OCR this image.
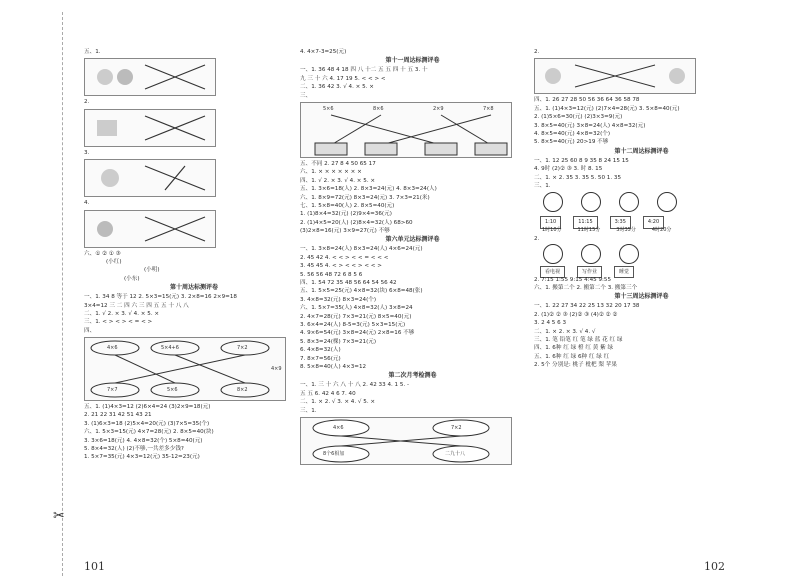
✂
五、1.
2.
3.
4.
六、① ② ① ③
(小红)
(小明)
(小东)
第十周达标测评卷
一、1. 34 8 等于 12 2. 5×3=15(元) 3. 2×8=16 2×9=18
3×4=12 三 二 四 六 三 四 五 五 十 八 八
二、1. √ 2. × 3. √ 4. × 5. ×
三、1. < > < > < = < >
四、
4×6	5×4+6	7×2
7×7	5×6	8×2
4×9
五、1. (1)4×3=12 (2)6×4=24 (3)2×9=18(元)
2. 21 22 31 42 51 43 21
3. (1)6×3=18 (2)5×4=20(元) (3)7×5=35(个)
六、1. 5×3=15(元) 4×7=28(元) 2. 8×5=40(块)
3. 3×6=18(元) 4. 4×8=32(个) 5×8=40(元)
5. 8×4=32(人) (2)不够,一共差多少钱?
1. 5×7=35(元) 4×3=12(元) 35-12=23(元)
4. 4×7-3=25(元)
第十一周达标测评卷
一、1. 36 48 4 18 四 八 十二 五 五 四 十 五 3. 十
九 三 十 六 4. 17 19 5. < < > <
二、1. 36 42 3. √ 4. × 5. ×
三、
5×6	8×6	2×9	7×8
五、不同 2. 27 8 4 50 65 17
六、1. × × × × × × ×
四、1. √ 2. × 3. √ 4. × 5. ×
五、1. 3×6=18(人) 2. 8×3=24(元) 4. 8×3=24(人)
六、1. 8×9=72(元) 8×3=24(元) 3. 7×3=21(米)
七、1. 5×8=40(人) 2. 8×5=40(元)
1. (1)8×4=32(元) (2)9×4=36(元)
2. (1)4×5=20(人) (2)8×4=32(人) 68>60
(3)2×8=16(元) 3×9=27(元) 不够
第六单元达标测评卷
一、1. 3×8=24(人) 8×3=24(人) 4×6=24(元)
2. 45 42 4. < < > < < = < < <
3. 45 45 4. < > < < > < < >
5. 56 56 48 72 6 8 5 6
四、1. 54 72 35 48 56 64 54 56 42
五、1. 5×5=25(元) 4×8=32(块) 6×8=48(张)
3. 4×8=32(元) 8×3=24(个)
六、1. 5×7=35(人) 4×8=32(人) 3×8=24
2. 4×7=28(元) 7×3=21(元) 8×5=40(元)
3. 6×4=24(人) 8-5=3(元) 5×3=15(元)
4. 9×6=54(元) 3×8=24(元) 2×8=16 不够
5. 8×3=24(棵) 7×3=21(元)
6. 4×8=32(人)
7. 8×7=56(元)
8. 5×8=40(人) 4×3=12
第二次月考检测卷
一、1. 三 十 六 八 十 八 2. 42 33 4. 1 5. -
五 五 6. 42 4 6 7. 40
二、1. × 2. √ 3. × 4. √ 5. ×
三、1.
4×6	7×2
8个6相加	二九十八
2.
四、1. 26 27 28 50 56 36 64 36 58 78
五、1. (1)4×3=12(元) (2)7×4=28(元) 3. 5×8=40(元)
2. (1)5×6=30(元) (2)3×3=9(元)
3. 8×5=40(元) 3×8=24(人) 4×8=32(元)
4. 8×5=40(元) 4×8=32(个)
5. 8×5=40(元) 20>19 不够
第十二周达标测评卷
一、1. 12 25 60 8 9 35 8 24 15 15
4. 9时 (2)② ③ 3. 时 8. 15
二、1. × 2. 35 3. 35 5. 50 1. 35
三、1.
1:10	11:15	3:35	4:20
1时10分	11时15分	3时35分	4时20分
2.
看电视	写作业	睡觉
2. 7:15 1:55 9:15 4:45 9:55
六、1. 搬第二个 2. 搬第二个 3. 搬第三个
第十三周达标测评卷
一、1. 22 27 34 22 25 13 32 20 17 38
2. (1)② ② ③ (2)② ③ (4)② ② ②
3. 2 4 5 6 3
二、1. × 2. × 3. √ 4. √
三、1. 笔 铅笔 红 笔 绿 蓝 花 红 绿
四、1. 6种 红 绿 橙 红 黄 紫 绿
五、1. 6种 红 绿 6种 红 绿 红
2. 5个 分别是: 桃子 枇杷 梨 苹果
101	102
